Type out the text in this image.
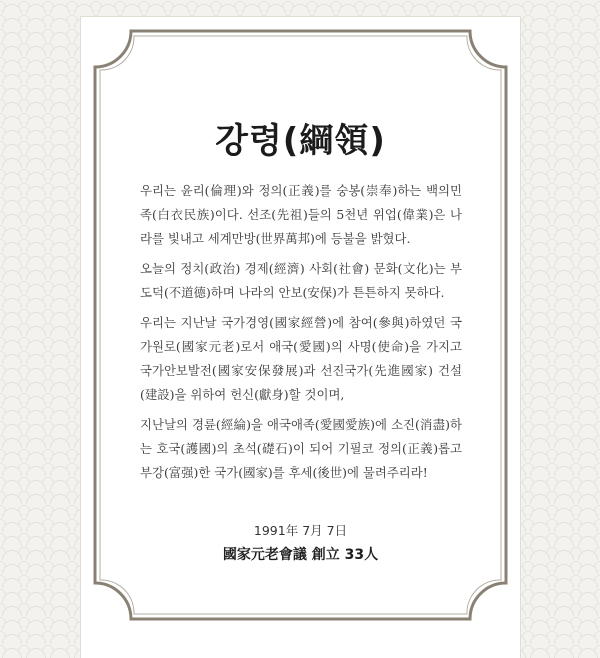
강령(綱領)

우리는 윤리(倫理)와 정의(正義)를 숭봉(崇奉)하는 백의민족(白衣民族)이다. 선조(先祖)들의 5천년 위업(偉業)은 나라를 빛내고 세계만방(世界萬邦)에 등불을 밝혔다.

오늘의 정치(政治) 경제(經濟) 사회(社會) 문화(文化)는 부도덕(不道德)하며 나라의 안보(安保)가 튼튼하지 못하다.

우리는 지난날 국가경영(國家經營)에 참여(參與)하였던 국가원로(國家元老)로서 애국(愛國)의 사명(使命)을 가지고 국가안보발전(國家安保發展)과 선진국가(先進國家) 건설(建設)을 위하여 헌신(獻身)할 것이며,

지난날의 경륜(經綸)을 애국애족(愛國愛族)에 소진(消盡)하는 호국(護國)의 초석(礎石)이 되어 기필코 정의(正義)롭고 부강(富强)한 국가(國家)를 후세(後世)에 물려주리라!

1991年 7月 7日
國家元老會議 創立 33人
